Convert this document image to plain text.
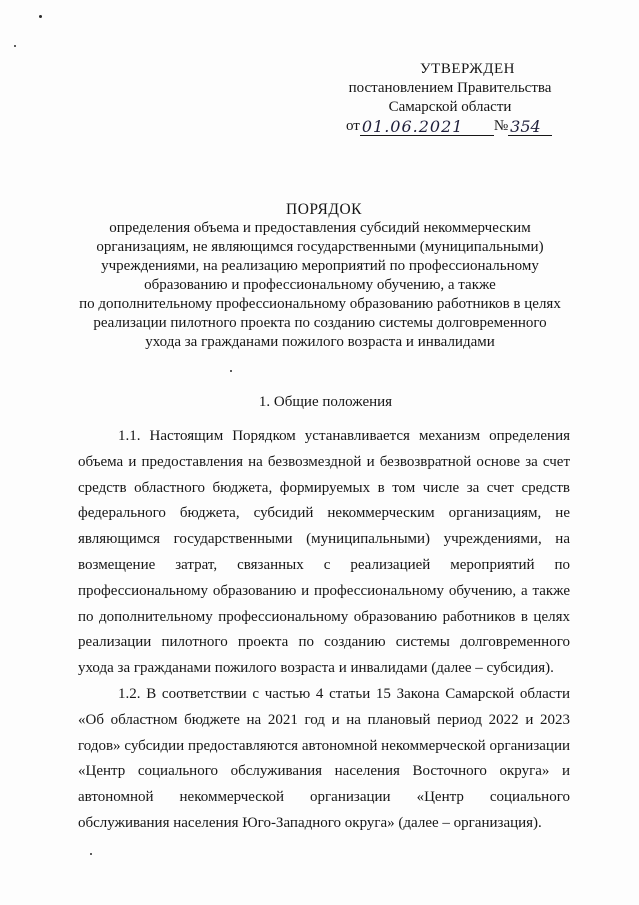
УТВЕРЖДЕН
постановлением Правительства
Самарской области
от 01.06.2021	№ 354
ПОРЯДОК
определения объема и предоставления субсидий некоммерческим
организациям, не являющимся государственными (муниципальными)
учреждениями, на реализацию мероприятий по профессиональному
образованию и профессиональному обучению, а также
по дополнительному профессиональному образованию работников в целях
реализации пилотного проекта по созданию системы долговременного
ухода за гражданами пожилого возраста и инвалидами
1. Общие положения

1.1. Настоящим Порядком устанавливается механизм определения объема и предоставления на безвозмездной и безвозвратной основе за счет средств областного бюджета, формируемых в том числе за счет средств федерального бюджета, субсидий некоммерческим организациям, не являющимся государственными (муниципальными) учреждениями, на возмещение затрат, связанных с реализацией мероприятий по профессиональному образованию и профессиональному обучению, а также по дополнительному профессиональному образованию работников в целях реализации пилотного проекта по созданию системы долговременного ухода за гражданами пожилого возраста и инвалидами (далее – субсидия).

1.2. В соответствии с частью 4 статьи 15 Закона Самарской области «Об областном бюджете на 2021 год и на плановый период 2022 и 2023 годов» субсидии предоставляются автономной некоммерческой организации «Центр социального обслуживания населения Восточного округа» и автономной некоммерческой организации «Центр социального обслуживания населения Юго-Западного округа» (далее – организация).
